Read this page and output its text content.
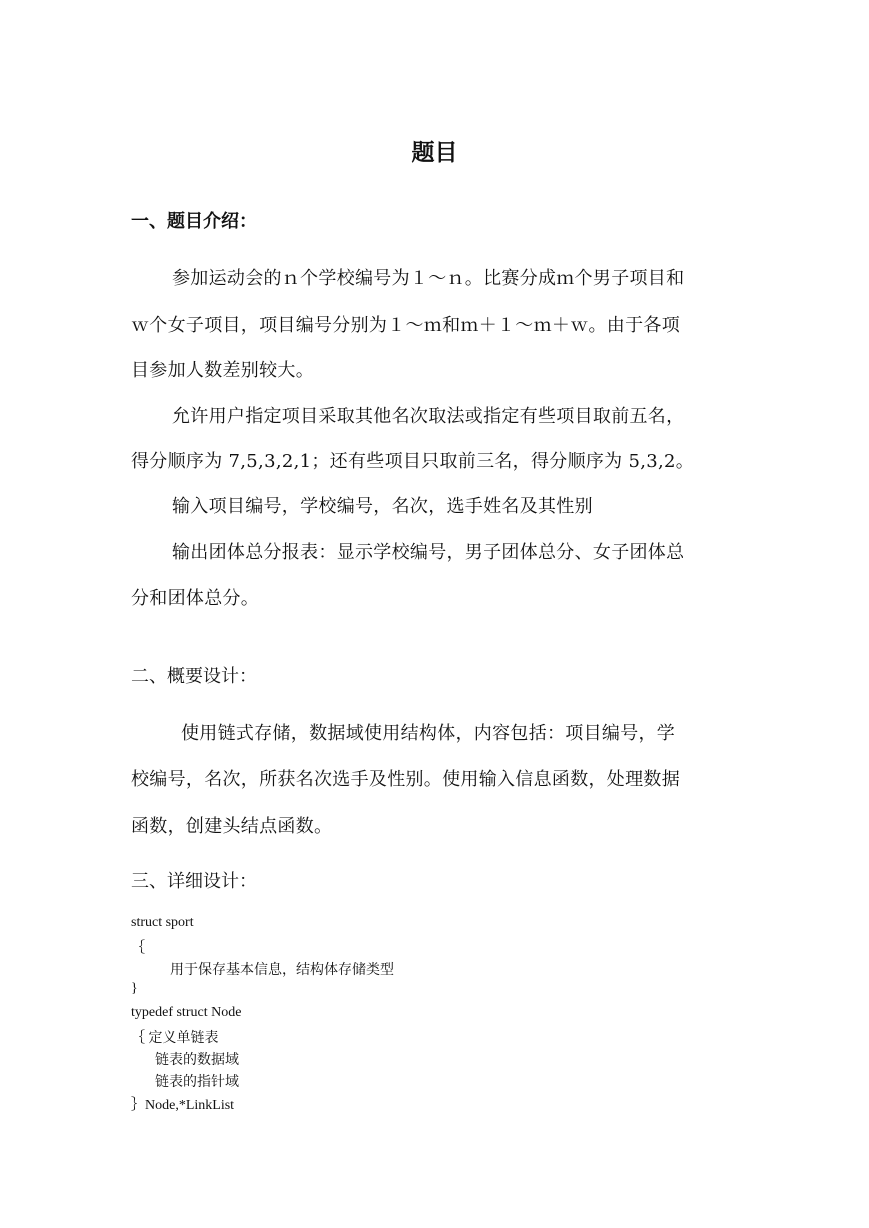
题目
一、题目介绍：
参加运动会的ｎ个学校编号为１～ｎ。比赛分成ｍ个男子项目和
ｗ个女子项目，项目编号分别为１～ｍ和ｍ＋１～ｍ＋ｗ。由于各项
目参加人数差别较大。
允许用户指定项目采取其他名次取法或指定有些项目取前五名，
得分顺序为 7,5,3,2,1；还有些项目只取前三名，得分顺序为 5,3,2。
输入项目编号，学校编号，名次，选手姓名及其性别
输出团体总分报表：显示学校编号，男子团体总分、女子团体总
分和团体总分。
二、概要设计：
使用链式存储，数据域使用结构体，内容包括：项目编号，学
校编号，名次，所获名次选手及性别。使用输入信息函数，处理数据
函数，创建头结点函数。
三、详细设计：
struct sport
｛
用于保存基本信息，结构体存储类型
}
typedef struct Node
｛ 定义单链表
链表的数据域
链表的指针域
｝Node,*LinkList
